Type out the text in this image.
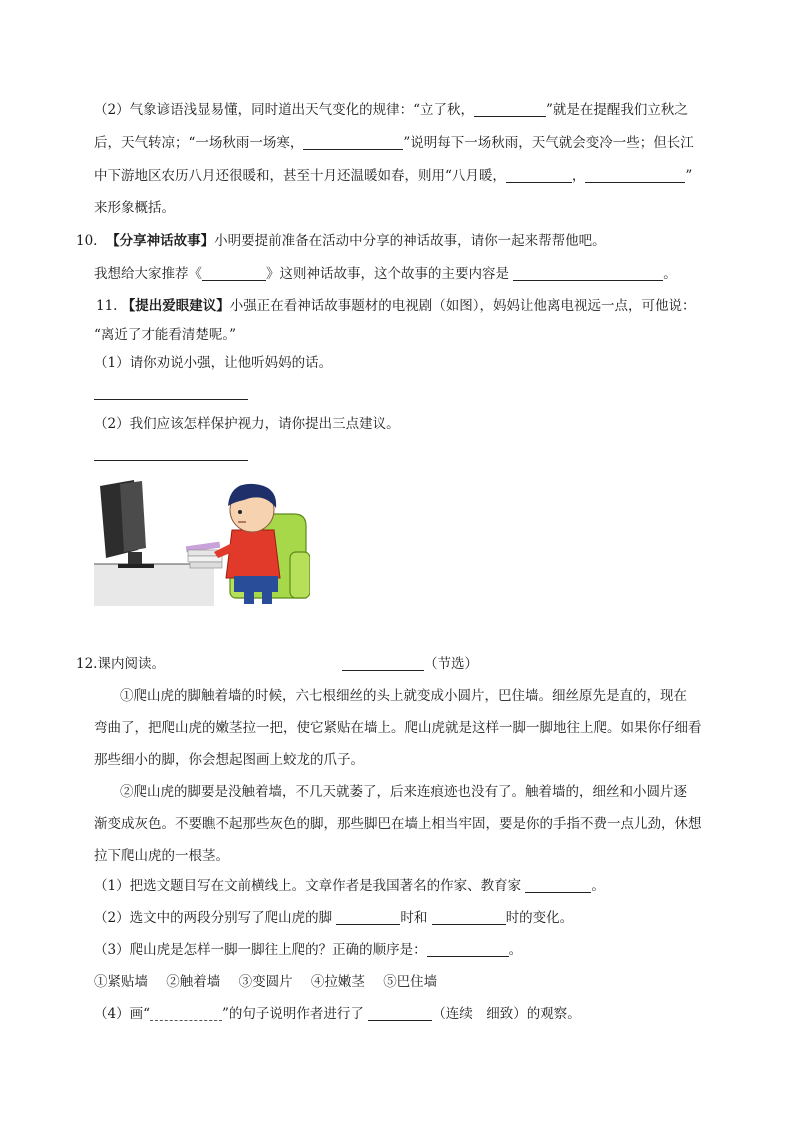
（2）气象谚语浅显易懂，同时道出天气变化的规律：“立了秋，	”就是在提醒我们立秋之
后，天气转凉；“一场秋雨一场寒，	”说明每下一场秋雨，天气就会变冷一些；但长江
中下游地区农历八月还很暖和，甚至十月还温暖如春，则用“八月暖，	，	”
来形象概括。
10. 【分享神话故事】小明要提前准备在活动中分享的神话故事，请你一起来帮帮他吧。
我想给大家推荐《	》这则神话故事，这个故事的主要内容是	。
11. 【提出爱眼建议】小强正在看神话故事题材的电视剧（如图），妈妈让他离电视远一点，可他说：
“离近了才能看清楚呢。”
（1）请你劝说小强，让他听妈妈的话。
（2）我们应该怎样保护视力，请你提出三点建议。
12.课内阅读。	（节选）
①爬山虎的脚触着墙的时候，六七根细丝的头上就变成小圆片，巴住墙。细丝原先是直的，现在
弯曲了，把爬山虎的嫩茎拉一把，使它紧贴在墙上。爬山虎就是这样一脚一脚地往上爬。如果你仔细看
那些细小的脚，你会想起图画上蛟龙的爪子。
②爬山虎的脚要是没触着墙，不几天就萎了，后来连痕迹也没有了。触着墙的，细丝和小圆片逐
渐变成灰色。不要瞧不起那些灰色的脚，那些脚巴在墙上相当牢固，要是你的手指不费一点儿劲，休想
拉下爬山虎的一根茎。
（1）把选文题目写在文前横线上。文章作者是我国著名的作家、教育家	。
（2）选文中的两段分别写了爬山虎的脚	时和	时的变化。
（3）爬山虎是怎样一脚一脚往上爬的？正确的顺序是：	。
①紧贴墙 ②触着墙 ③变圆片 ④拉嫩茎 ⑤巴住墙
（4）画“	”的句子说明作者进行了	（连续　细致）的观察。
